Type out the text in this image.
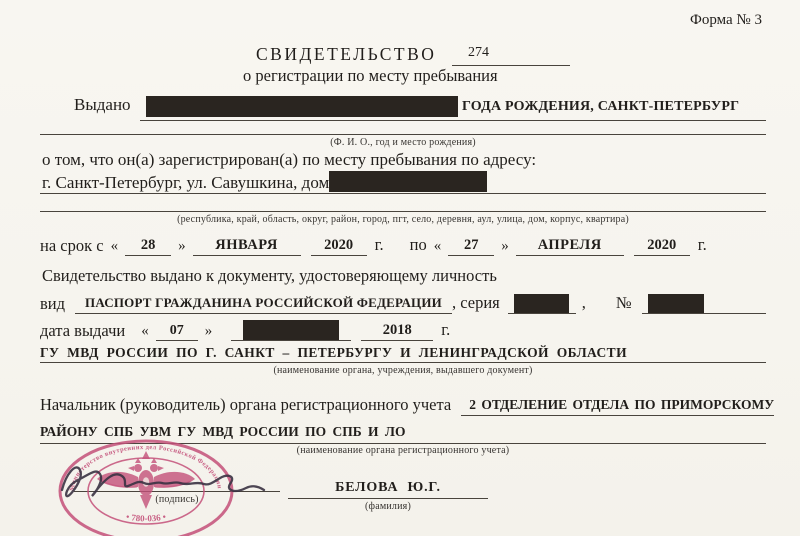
Форма № 3
СВИДЕТЕЛЬСТВО	274
о регистрации по месту пребывания
Выдано	ГОДА РОЖДЕНИЯ, САНКТ-ПЕТЕРБУРГ
(Ф. И. О., год и место рождения)
о том, что он(а) зарегистрирован(а) по месту пребывания по адресу:
г. Санкт-Петербург, ул. Савушкина, дом
(республика, край, область, округ, район, город, пгт, село, деревня, аул, улица, дом, корпус, квартира)
на срок с «	28	»	ЯНВАРЯ	2020	г. по «	27	»	АПРЕЛЯ	2020	г.
Свидетельство выдано к документу, удостоверяющему личность
вид	ПАСПОРТ ГРАЖДАНИНА РОССИЙСКОЙ ФЕДЕРАЦИИ , серия	, №
дата выдачи «	07	»	2018	г.
ГУ МВД РОССИИ ПО Г. САНКТ – ПЕТЕРБУРГУ И ЛЕНИНГРАДСКОЙ ОБЛАСТИ
(наименование органа, учреждения, выдавшего документ)
Начальник (руководитель) органа регистрационного учета	2 ОТДЕЛЕНИЕ ОТДЕЛА ПО ПРИМОРСКОМУ
РАЙОНУ СПБ УВМ ГУ МВД РОССИИ ПО СПБ И ЛО
(наименование органа регистрационного учета)
Министерство внутренних дел Российской Федерации
• 780-036 •
(подпись)
БЕЛОВА Ю.Г.
(фамилия)
